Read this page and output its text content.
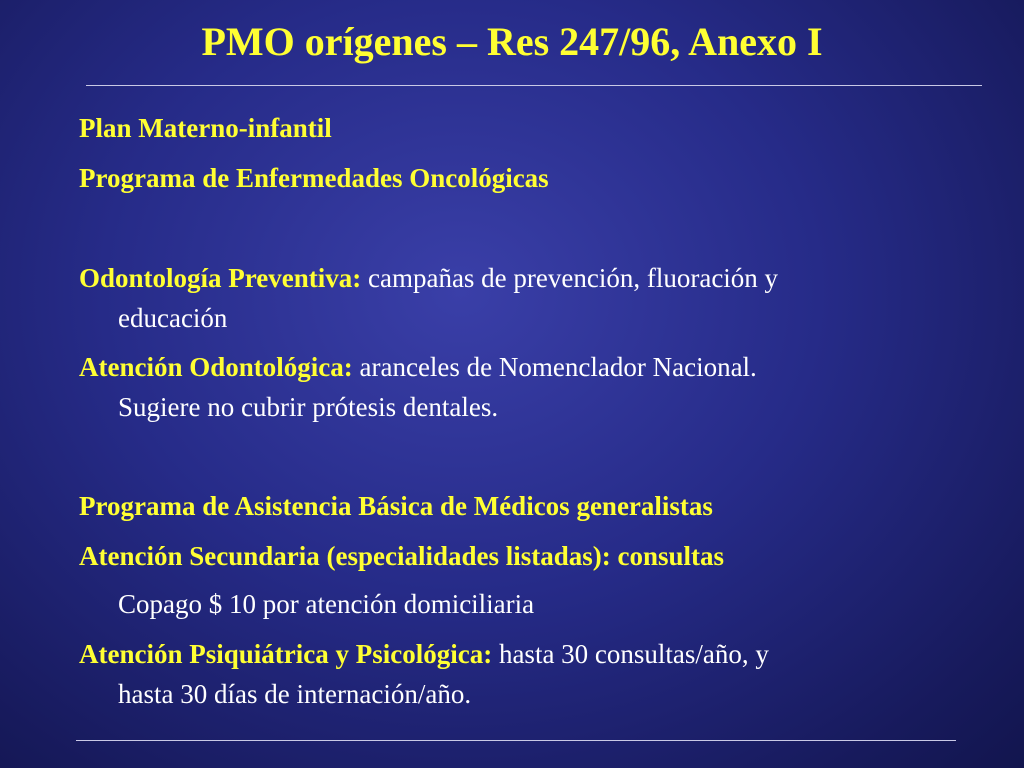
PMO orígenes – Res 247/96, Anexo I
Plan Materno-infantil
Programa de Enfermedades Oncológicas
Odontología Preventiva: campañas de prevención, fluoración y
educación
Atención Odontológica: aranceles de Nomenclador Nacional.
Sugiere no cubrir prótesis dentales.
Programa de Asistencia Básica de Médicos generalistas
Atención Secundaria (especialidades listadas): consultas
Copago $ 10 por atención domiciliaria
Atención Psiquiátrica y Psicológica: hasta 30 consultas/año, y
hasta 30 días de internación/año.
